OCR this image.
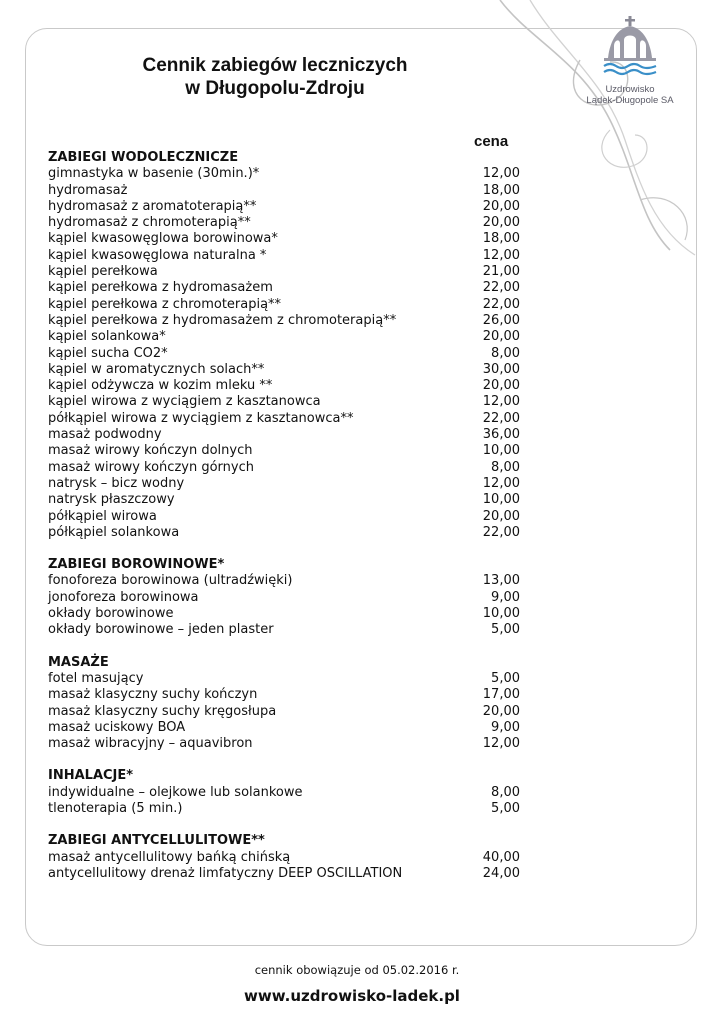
Uzdrowisko
Lądek-Długopole SA
Cennik zabiegów leczniczych
w Długopolu-Zdroju
cena
ZABIEGI WODOLECZNICZE
gimnastyka w basenie (30min.)*	12,00
hydromasaż	18,00
hydromasaż z aromatoterapią**	20,00
hydromasaż z chromoterapią**	20,00
kąpiel kwasowęglowa borowinowa*	18,00
kąpiel kwasowęglowa naturalna *	12,00
kąpiel perełkowa	21,00
kąpiel perełkowa z hydromasażem	22,00
kąpiel perełkowa z chromoterapią**	22,00
kąpiel perełkowa z hydromasażem z chromoterapią**	26,00
kąpiel solankowa*	20,00
kąpiel sucha CO2*	8,00
kąpiel w aromatycznych solach**	30,00
kąpiel odżywcza w kozim mleku **	20,00
kąpiel wirowa z wyciągiem z kasztanowca	12,00
półkąpiel wirowa z wyciągiem z kasztanowca**	22,00
masaż podwodny	36,00
masaż wirowy kończyn dolnych	10,00
masaż wirowy kończyn górnych	8,00
natrysk – bicz wodny	12,00
natrysk płaszczowy	10,00
półkąpiel wirowa	20,00
półkąpiel solankowa	22,00
ZABIEGI BOROWINOWE*
fonoforeza borowinowa (ultradźwięki)	13,00
jonoforeza borowinowa	9,00
okłady borowinowe	10,00
okłady borowinowe – jeden plaster	5,00
MASAŻE
fotel masujący	5,00
masaż klasyczny suchy kończyn	17,00
masaż klasyczny suchy kręgosłupa	20,00
masaż uciskowy BOA	9,00
masaż wibracyjny – aquavibron	12,00
INHALACJE*
indywidualne – olejkowe lub solankowe	8,00
tlenoterapia (5 min.)	5,00
ZABIEGI ANTYCELLULITOWE**
masaż antycellulitowy bańką chińską	40,00
antycellulitowy drenaż limfatyczny DEEP OSCILLATION	24,00
cennik obowiązuje od 05.02.2016 r.
www.uzdrowisko-ladek.pl
